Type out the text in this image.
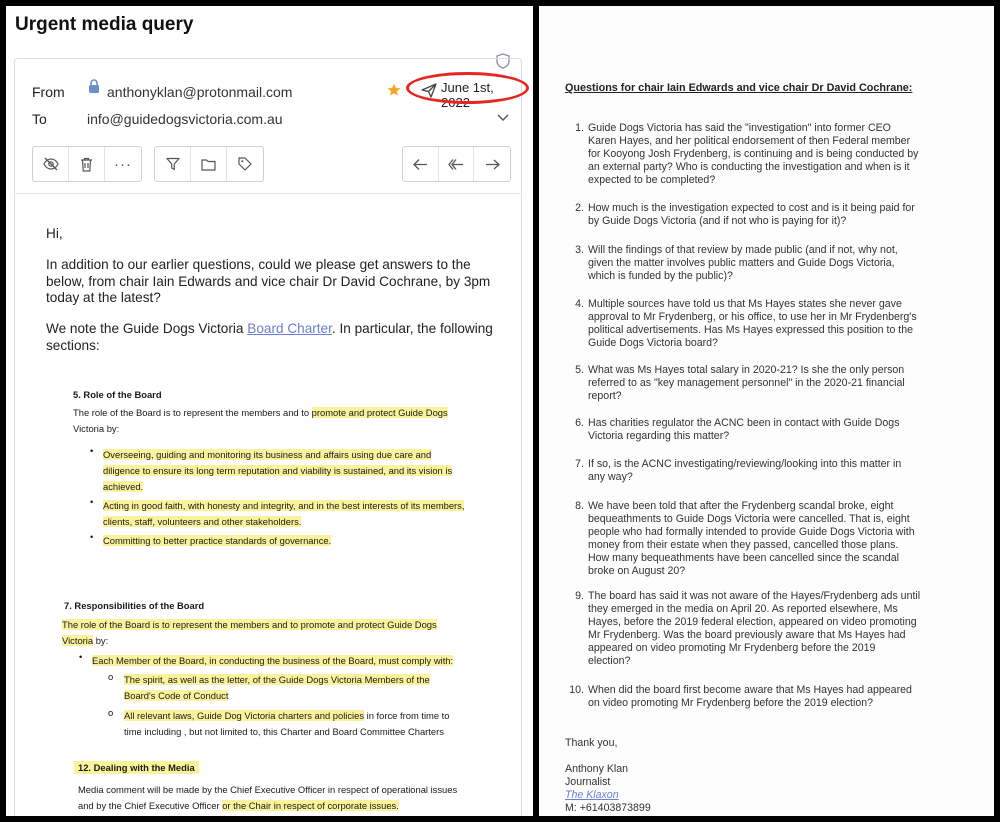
Urgent media query
From	anthonyklan@protonmail.com
To	info@guidedogsvictoria.com.au
June 1st, 2022
···
Hi,
In addition to our earlier questions, could we please get answers to the below, from chair Iain Edwards and vice chair Dr David Cochrane, by 3pm today at the latest?
We note the Guide Dogs Victoria Board Charter. In particular, the following sections:
5. Role of the Board
The role of the Board is to represent the members and to promote and protect Guide Dogs
Victoria by:
• Overseeing, guiding and monitoring its business and affairs using due care and
diligence to ensure its long term reputation and viability is sustained, and its vision is
achieved.
• Acting in good faith, with honesty and integrity, and in the best interests of its members,
clients, staff, volunteers and other stakeholders.
• Committing to better practice standards of governance.
7. Responsibilities of the Board
The role of the Board is to represent the members and to promote and protect Guide Dogs
Victoria by:
• Each Member of the Board, in conducting the business of the Board, must comply with:
o The spirit, as well as the letter, of the Guide Dogs Victoria Members of the
Board's Code of Conduct
o All relevant laws, Guide Dog Victoria charters and policies in force from time to
time including , but not limited to, this Charter and Board Committee Charters
12. Dealing with the Media
Media comment will be made by the Chief Executive Officer in respect of operational issues
and by the Chief Executive Officer or the Chair in respect of corporate issues.
Questions for chair Iain Edwards and vice chair Dr David Cochrane:
1. Guide Dogs Victoria has said the "investigation" into former CEO
Karen Hayes, and her political endorsement of then Federal member
for Kooyong Josh Frydenberg, is continuing and is being conducted by
an external party? Who is conducting the investigation and when is it
expected to be completed?
2. How much is the investigation expected to cost and is it being paid for
by Guide Dogs Victoria (and if not who is paying for it)?
3. Will the findings of that review by made public (and if not, why not,
given the matter involves public matters and Guide Dogs Victoria,
which is funded by the public)?
4. Multiple sources have told us that Ms Hayes states she never gave
approval to Mr Frydenberg, or his office, to use her in Mr Frydenberg's
political advertisements. Has Ms Hayes expressed this position to the
Guide Dogs Victoria board?
5. What was Ms Hayes total salary in 2020-21? Is she the only person
referred to as "key management personnel" in the 2020-21 financial
report?
6. Has charities regulator the ACNC been in contact with Guide Dogs
Victoria regarding this matter?
7. If so, is the ACNC investigating/reviewing/looking into this matter in
any way?
8. We have been told that after the Frydenberg scandal broke, eight
bequeathments to Guide Dogs Victoria were cancelled. That is, eight
people who had formally intended to provide Guide Dogs Victoria with
money from their estate when they passed, cancelled those plans.
How many bequeathments have been cancelled since the scandal
broke on August 20?
9. The board has said it was not aware of the Hayes/Frydenberg ads until
they emerged in the media on April 20. As reported elsewhere, Ms
Hayes, before the 2019 federal election, appeared on video promoting
Mr Frydenberg. Was the board previously aware that Ms Hayes had
appeared on video promoting Mr Frydenberg before the 2019
election?
10. When did the board first become aware that Ms Hayes had appeared
on video promoting Mr Frydenberg before the 2019 election?
Thank you,
Anthony Klan
Journalist
The Klaxon
M: +61403873899
